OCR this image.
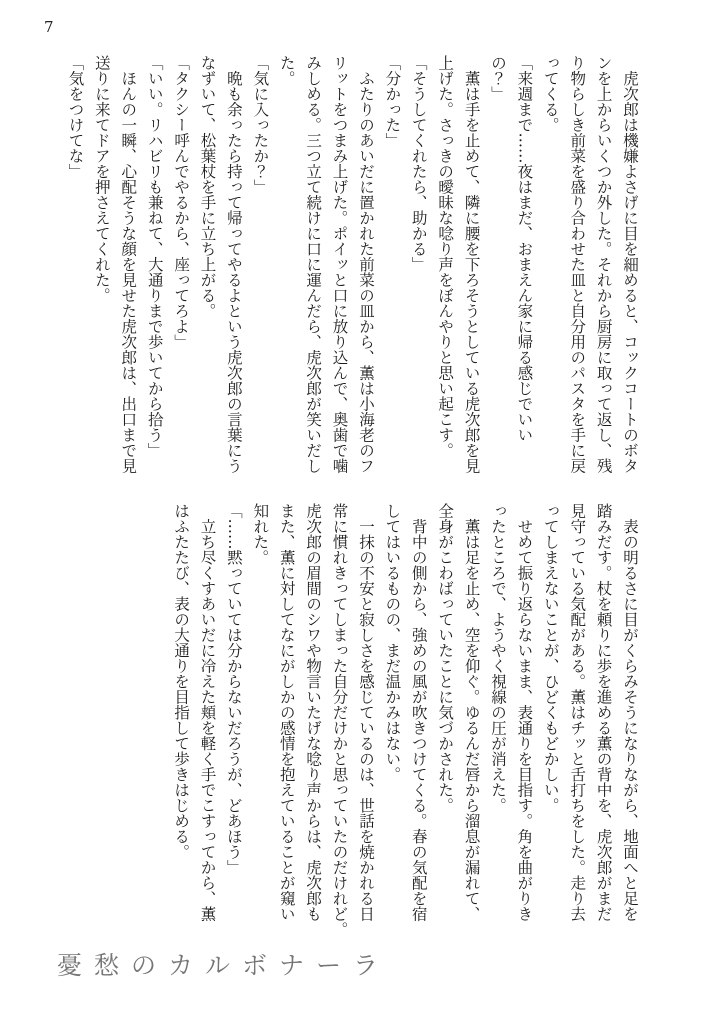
7
　虎次郎は機嫌よさげに目を細めると、コックコートのボタ
ンを上からいくつか外した。それから厨房に取って返し、残
り物らしき前菜を盛り合わせた皿と自分用のパスタを手に戻
ってくる。
「来週まで……夜はまだ、おまえん家に帰る感じでいい
の？」
　薫は手を止めて、隣に腰を下ろそうとしている虎次郎を見
上げた。さっきの曖昧な唸り声をぼんやりと思い起こす。
「そうしてくれたら、助かる」
「分かった」
　ふたりのあいだに置かれた前菜の皿から、薫は小海老のフ
リットをつまみ上げた。ポイッと口に放り込んで、奥歯で噛
みしめる。三つ立て続けに口に運んだら、虎次郎が笑いだし
た。
「気に入ったか？」
　晩も余ったら持って帰ってやるよという虎次郎の言葉にう
なずいて、松葉杖を手に立ち上がる。
「タクシー呼んでやるから、座ってろよ」
「いい。リハビリも兼ねて、大通りまで歩いてから拾う」
　ほんの一瞬、心配そうな顔を見せた虎次郎は、出口まで見
送りに来てドアを押さえてくれた。
「気をつけてな」
　表の明るさに目がくらみそうになりながら、地面へと足を
踏みだす。杖を頼りに歩を進める薫の背中を、虎次郎がまだ
見守っている気配がある。薫はチッと舌打ちをした。走り去
ってしまえないことが、ひどくもどかしい。
　せめて振り返らないまま、表通りを目指す。角を曲がりき
ったところで、ようやく視線の圧が消えた。
　薫は足を止め、空を仰ぐ。ゆるんだ唇から溜息が漏れて、
全身がこわばっていたことに気づかされた。
　背中の側から、強めの風が吹きつけてくる。春の気配を宿
してはいるものの、まだ温かみはない。
　一抹の不安と寂しさを感じているのは、世話を焼かれる日
常に慣れきってしまった自分だけかと思っていたのだけれど。
虎次郎の眉間のシワや物言いたげな唸り声からは、虎次郎も
また、薫に対してなにがしかの感情を抱えていることが窺い
知れた。
「……黙っていては分からないだろうが、どあほう」
　立ち尽くすあいだに冷えた頬を軽く手でこすってから、薫
はふたたび、表の大通りを目指して歩きはじめる。
憂愁のカルボナーラ
